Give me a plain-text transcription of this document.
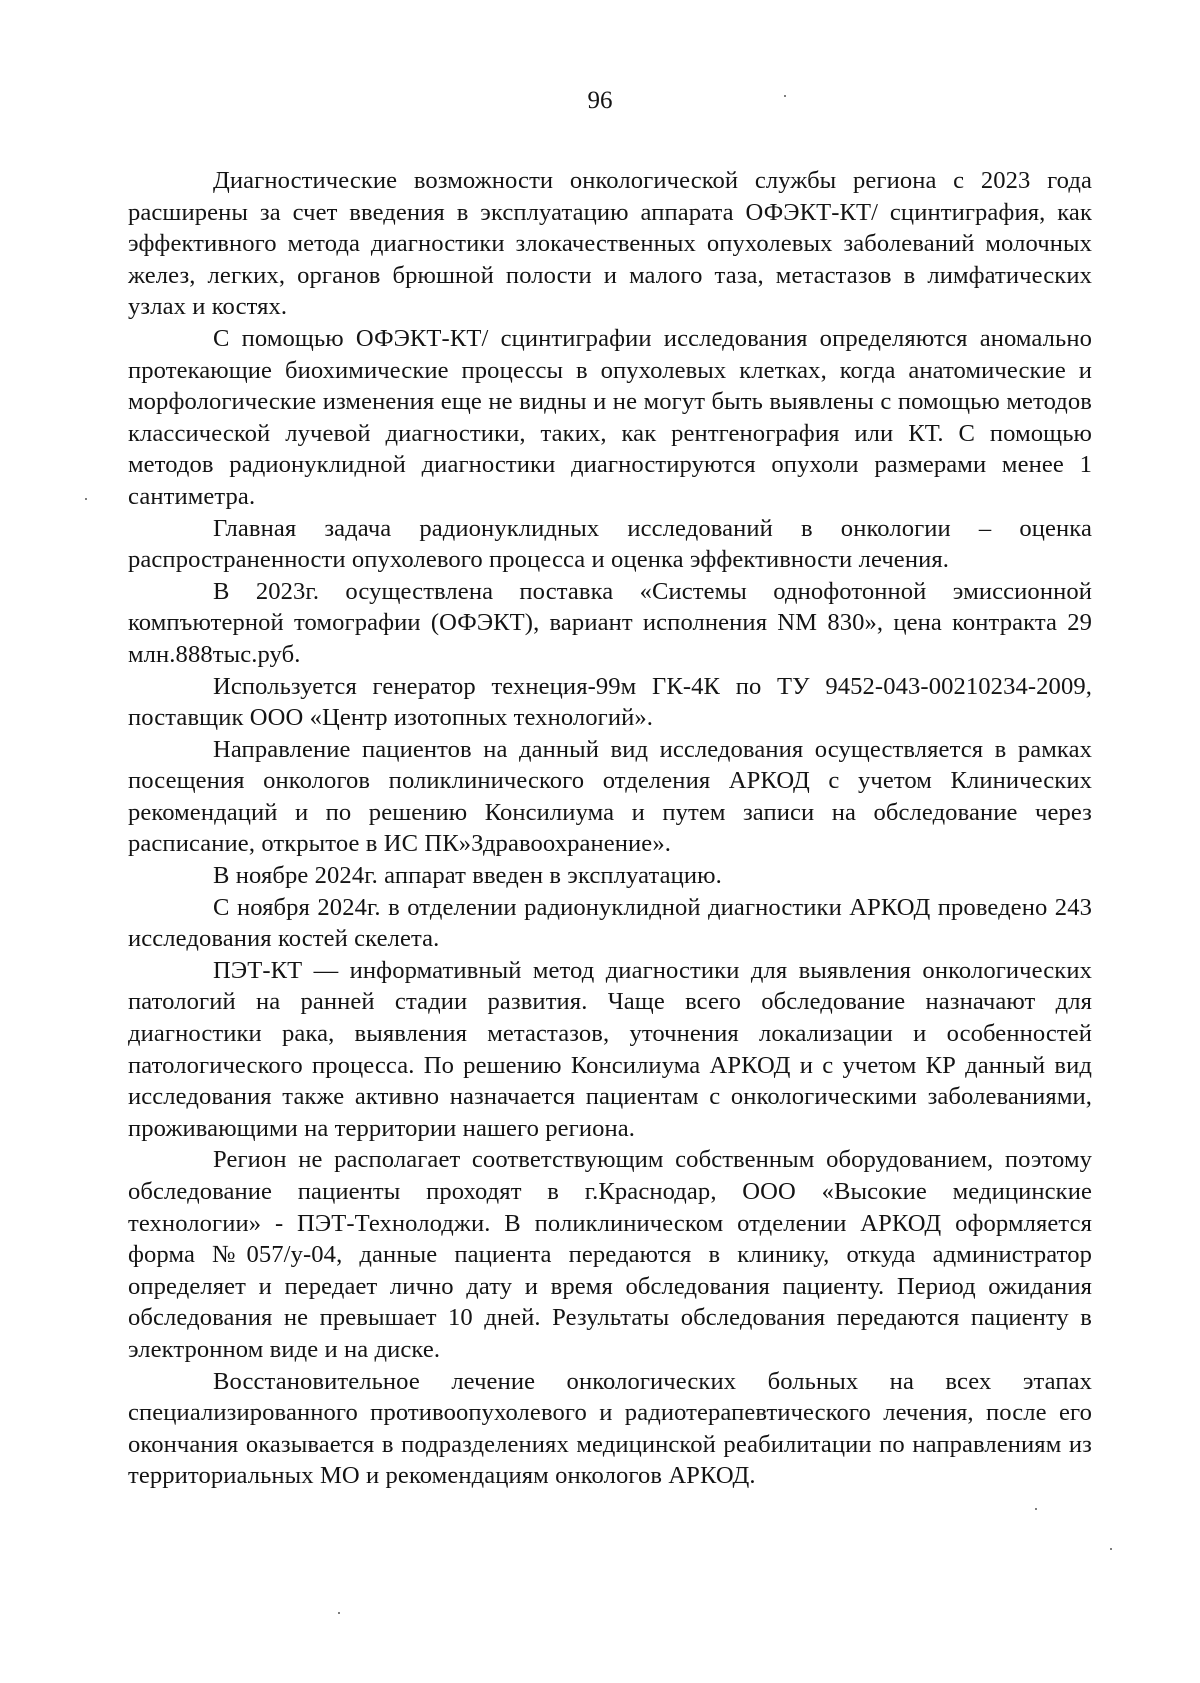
96

Диагностические возможности онкологической службы региона с 2023 года расширены за счет введения в эксплуатацию аппарата ОФЭКТ-КТ/ сцинтиграфия, как эффективного метода диагностики злокачественных опухолевых заболеваний молочных желез, легких, органов брюшной полости и малого таза, метастазов в лимфатических узлах и костях.

С помощью ОФЭКТ-КТ/ сцинтиграфии исследования определяются аномально протекающие биохимические процессы в опухолевых клетках, когда анатомические и морфологические изменения еще не видны и не могут быть выявлены с помощью методов классической лучевой диагностики, таких, как рентгенография или КТ. С помощью методов радионуклидной диагностики диагностируются опухоли размерами менее 1 сантиметра.

Главная задача радионуклидных исследований в онкологии – оценка распространенности опухолевого процесса и оценка эффективности лечения.

В 2023г. осуществлена поставка «Системы однофотонной эмиссионной компъютерной томографии (ОФЭКТ), вариант исполнения NM 830», цена контракта 29 млн.888тыс.руб.

Используется генератор технеция-99м ГК-4К по ТУ 9452-043-00210234-2009, поставщик ООО «Центр изотопных технологий».

Направление пациентов на данный вид исследования осуществляется в рамках посещения онкологов поликлинического отделения АРКОД с учетом Клинических рекомендаций и по решению Консилиума и путем записи на обследование через расписание, открытое в ИС ПК»Здравоохранение».

В ноябре 2024г. аппарат введен в эксплуатацию.

С ноября 2024г. в отделении радионуклидной диагностики АРКОД проведено 243 исследования костей скелета.

ПЭТ-КТ — информативный метод диагностики для выявления онкологических патологий на ранней стадии развития. Чаще всего обследование назначают для диагностики рака, выявления метастазов, уточнения локализации и особенностей патологического процесса. По решению Консилиума АРКОД и с учетом КР данный вид исследования также активно назначается пациентам с онкологическими заболеваниями, проживающими на территории нашего региона.

Регион не располагает соответствующим собственным оборудованием, поэтому обследование пациенты проходят в г.Краснодар, ООО «Высокие медицинские технологии» - ПЭТ-Технолоджи. В поликлиническом отделении АРКОД оформляется форма №057/у-04, данные пациента передаются в клинику, откуда администратор определяет и передает лично дату и время обследования пациенту. Период ожидания обследования не превышает 10 дней. Результаты обследования передаются пациенту в электронном виде и на диске.

Восстановительное лечение онкологических больных на всех этапах специализированного противоопухолевого и радиотерапевтического лечения, после его окончания оказывается в подразделениях медицинской реабилитации по направлениям из территориальных МО и рекомендациям онкологов АРКОД.
